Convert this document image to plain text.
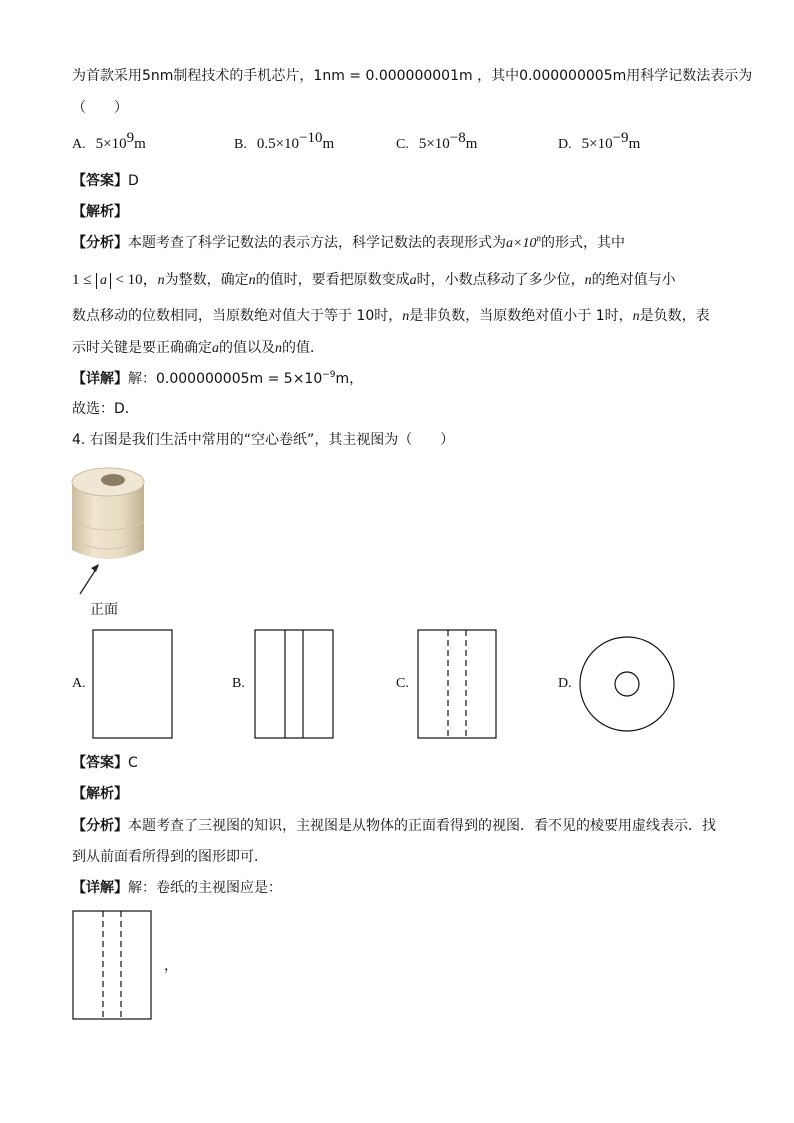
为首款采用5nm制程技术的手机芯片，1nm = 0.000000001m ，其中0.000000005m用科学记数法表示为
（　　）
A. $5\times 10^9m$	B. $0.5\times 10^{-10}m$	C. $5\times 10^{-8}m$	D. $5\times 10^{-9}m$
【答案】D
【解析】
【分析】本题考查了科学记数法的表示方法，科学记数法的表现形式为$a\times 10^n$的形式，其中
1 ≤ a < 10，n为整数，确定n的值时，要看把原数变成a时，小数点移动了多少位，n的绝对值与小
数点移动的位数相同，当原数绝对值大于等于 10时，n是非负数，当原数绝对值小于 1时，n是负数，表
示时关键是要正确确定a的值以及n的值．
【详解】解：$0.000000005m = 5\times 10^{-9}m$，
故选：D．
4. 右图是我们生活中常用的“空心卷纸”，其主视图为（　　）
正面
A.	B.	C.	D.
【答案】C
【解析】
【分析】本题考查了三视图的知识，主视图是从物体的正面看得到的视图．看不见的棱要用虚线表示．找
到从前面看所得到的图形即可．
【详解】解：卷纸的主视图应是：
，
